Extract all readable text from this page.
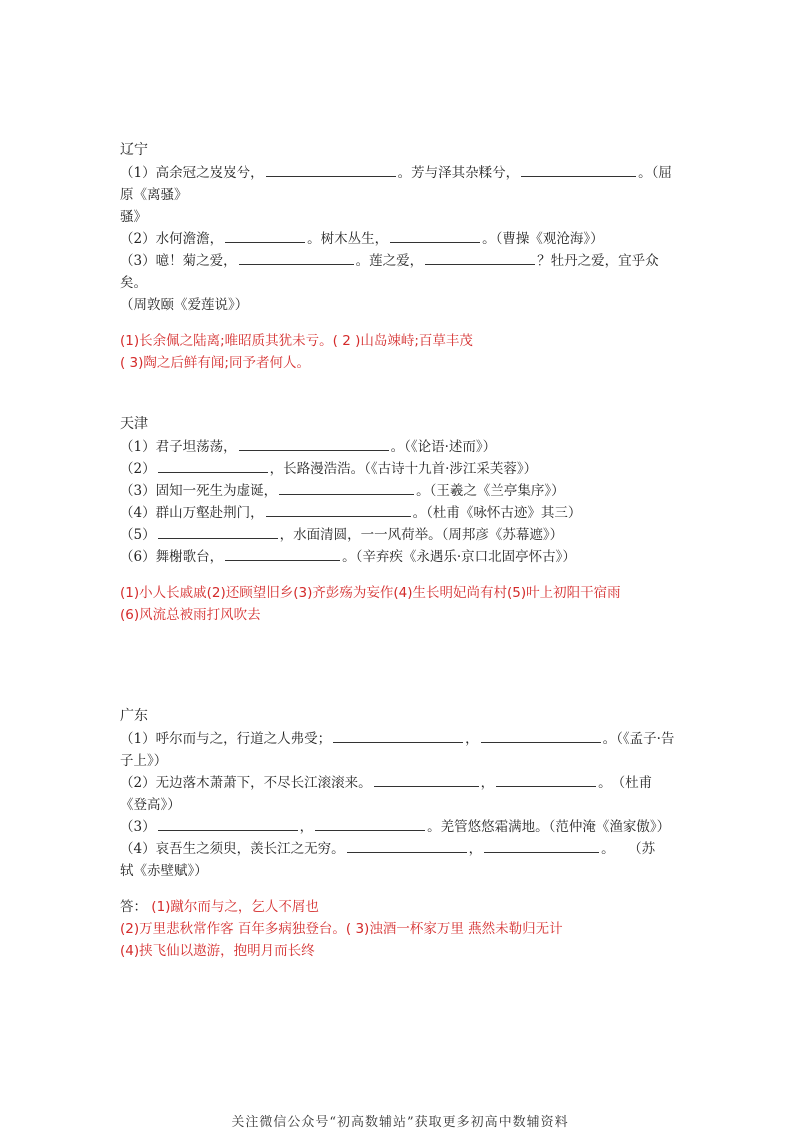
辽宁

（1）高余冠之岌岌兮，	。芳与泽其杂糅兮，	。（屈原《离骚》

骚》

（2）水何澹澹，	。树木丛生，	。（曹操《观沧海》）

（3）噫！菊之爱，	。莲之爱，	？牡丹之爱，宜乎众矣。

（周敦颐《爱莲说》）

(1)长余佩之陆离;唯昭质其犹未亏。( 2 )山岛竦峙;百草丰茂

( 3)陶之后鲜有闻;同予者何人。

天津

（1）君子坦荡荡，	。（《论语·述而》）

（2）	，长路漫浩浩。（《古诗十九首·涉江采芙蓉》）

（3）固知一死生为虚诞，	。（王羲之《兰亭集序》）

（4）群山万壑赴荆门，	。（杜甫《咏怀古迹》其三）

（5）	，水面清圆，一一风荷举。（周邦彦《苏幕遮》）

（6）舞榭歌台，	。（辛弃疾《永遇乐·京口北固亭怀古》）

(1)小人长戚戚(2)还顾望旧乡(3)齐彭殇为妄作(4)生长明妃尚有村(5)叶上初阳干宿雨

(6)风流总被雨打风吹去

广东

（1）呼尔而与之，行道之人弗受；	，	。（《孟子·告

子上》）

（2）无边落木萧萧下，不尽长江滚滚来。	，	。　（杜甫

《登高》）

（3）	，	。羌管悠悠霜满地。（范仲淹《渔家傲》）

（4）哀吾生之须臾，羡长江之无穷。	，	。　　（苏

轼《赤壁赋》）

答： (1)蹴尔而与之，乞人不屑也

(2)万里悲秋常作客 百年多病独登台。( 3)浊酒一杯家万里 燕然未勒归无计

(4)挟飞仙以遨游，抱明月而长终

关注微信公众号“初高数辅站”获取更多初高中数辅资料
